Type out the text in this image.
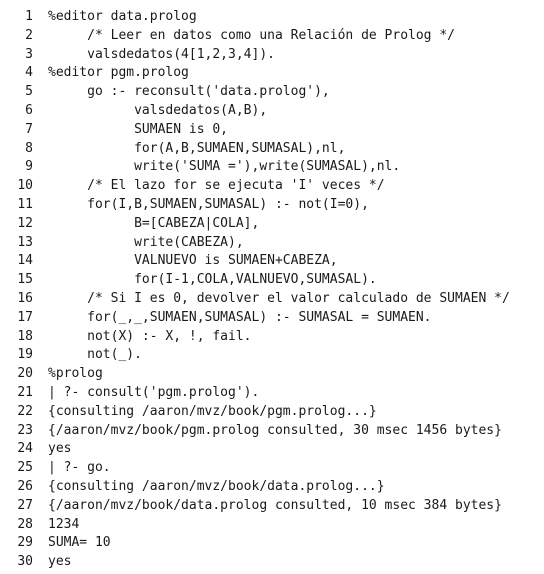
1 %editor data.prolog
2 /* Leer en datos como una Relación de Prolog */
3 valsdedatos(4[1,2,3,4]).
4 %editor pgm.prolog
5 go :- reconsult('data.prolog'),
6 valsdedatos(A,B),
7 SUMAEN is 0,
8 for(A,B,SUMAEN,SUMASAL),nl,
9 write('SUMA ='),write(SUMASAL),nl.
10 /* El lazo for se ejecuta 'I' veces */
11 for(I,B,SUMAEN,SUMASAL) :- not(I=0),
12 B=[CABEZA|COLA],
13 write(CABEZA),
14 VALNUEVO is SUMAEN+CABEZA,
15 for(I-1,COLA,VALNUEVO,SUMASAL).
16 /* Si I es 0, devolver el valor calculado de SUMAEN */
17 for(_,_,SUMAEN,SUMASAL) :- SUMASAL = SUMAEN.
18 not(X) :- X, !, fail.
19 not(_).
20 %prolog
21 | ?- consult('pgm.prolog').
22 {consulting /aaron/mvz/book/pgm.prolog...}
23 {/aaron/mvz/book/pgm.prolog consulted, 30 msec 1456 bytes}
24 yes
25 | ?- go.
26 {consulting /aaron/mvz/book/data.prolog...}
27 {/aaron/mvz/book/data.prolog consulted, 10 msec 384 bytes}
28 1234
29 SUMA= 10
30 yes
